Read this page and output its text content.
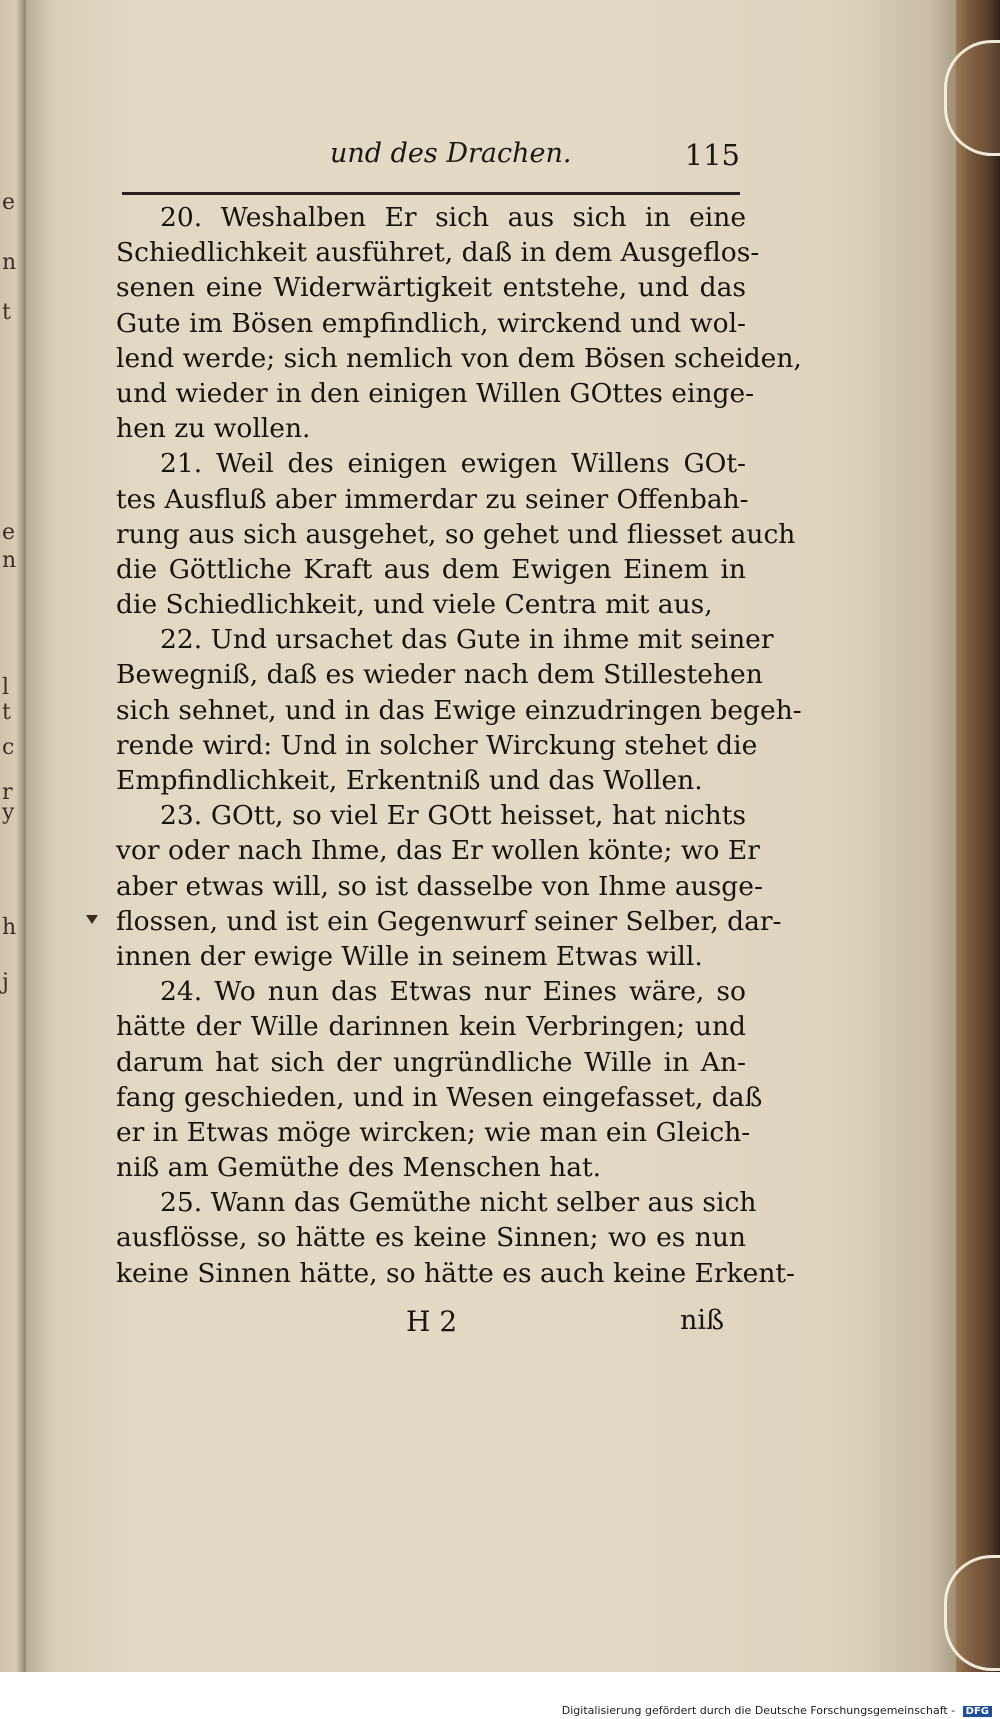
e
n
t
e
n
l
t
c
r
y
h
j
und des Drachen.	115
20. Weshalben Er sich aus sich in eine
Schiedlichkeit ausführet, daß in dem Ausgeflos-
senen eine Widerwärtigkeit entstehe, und das
Gute im Bösen empfindlich, wirckend und wol-
lend werde; sich nemlich von dem Bösen scheiden,
und wieder in den einigen Willen GOttes einge-
hen zu wollen.
21. Weil des einigen ewigen Willens GOt-
tes Ausfluß aber immerdar zu seiner Offenbah-
rung aus sich ausgehet, so gehet und fliesset auch
die Göttliche Kraft aus dem Ewigen Einem in
die Schiedlichkeit, und viele Centra mit aus,
22. Und ursachet das Gute in ihme mit seiner
Bewegniß, daß es wieder nach dem Stillestehen
sich sehnet, und in das Ewige einzudringen begeh-
rende wird: Und in solcher Wirckung stehet die
Empfindlichkeit, Erkentniß und das Wollen.
23. GOtt, so viel Er GOtt heisset, hat nichts
vor oder nach Ihme, das Er wollen könte; wo Er
aber etwas will, so ist dasselbe von Ihme ausge-
flossen, und ist ein Gegenwurf seiner Selber, dar-
innen der ewige Wille in seinem Etwas will.
24. Wo nun das Etwas nur Eines wäre, so
hätte der Wille darinnen kein Verbringen; und
darum hat sich der ungründliche Wille in An-
fang geschieden, und in Wesen eingefasset, daß
er in Etwas möge wircken; wie man ein Gleich-
niß am Gemüthe des Menschen hat.
25. Wann das Gemüthe nicht selber aus sich
ausflösse, so hätte es keine Sinnen; wo es nun
keine Sinnen hätte, so hätte es auch keine Erkent-
H 2	niß
Digitalisierung gefördert durch die Deutsche Forschungsgemeinschaft - DFG
